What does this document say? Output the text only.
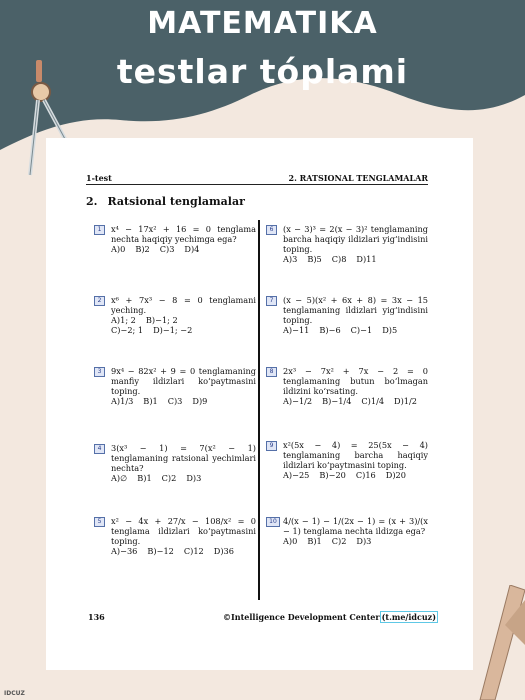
MATEMATIKA
testlar tóplami
1-test	2. RATSIONAL TENGLAMALAR
2. Ratsional tenglamalar
1	x⁴ − 17x² + 16 = 0 tenglama nechta haqiqiy yechimga ega?
A)0 B)2 C)3 D)4
2	x⁶ + 7x³ − 8 = 0 tenglamani yeching.
A)1; 2 B)−1; 2
C)−2; 1 D)−1; −2
3	9x⁴ − 82x² + 9 = 0 tenglamaning manfiy ildizlari ko‘paytmasini toping.
A)1/3 B)1 C)3 D)9
4	3(x³ − 1) = 7(x² − 1) tenglamaning ratsional yechimlari nechta?
A)∅ B)1 C)2 D)3
5	x² − 4x + 27/x − 108/x² = 0 tenglama ildizlari ko‘paytmasini toping.
A)−36 B)−12 C)12 D)36
6	(x − 3)³ = 2(x − 3)² tenglamaning barcha haqiqiy ildizlari yig‘indisini toping.
A)3 B)5 C)8 D)11
7	(x − 5)(x² + 6x + 8) = 3x − 15 tenglamaning ildizlari yig‘indisini toping.
A)−11 B)−6 C)−1 D)5
8	2x³ − 7x² + 7x − 2 = 0 tenglamaning butun bo‘lmagan ildizini ko‘rsating.
A)−1/2 B)−1/4 C)1/4 D)1/2
9	x²(5x − 4) = 25(5x − 4) tenglamaning barcha haqiqiy ildizlari ko‘paytmasini toping.
A)−25 B)−20 C)16 D)20
10 4/(x − 1) − 1/(2x − 1) = (x + 3)/(x − 1) tenglama nechta ildizga ega?
A)0 B)1 C)2 D)3
136	©Intelligence Development Center (t.me/idcuz)
IDCUZ
